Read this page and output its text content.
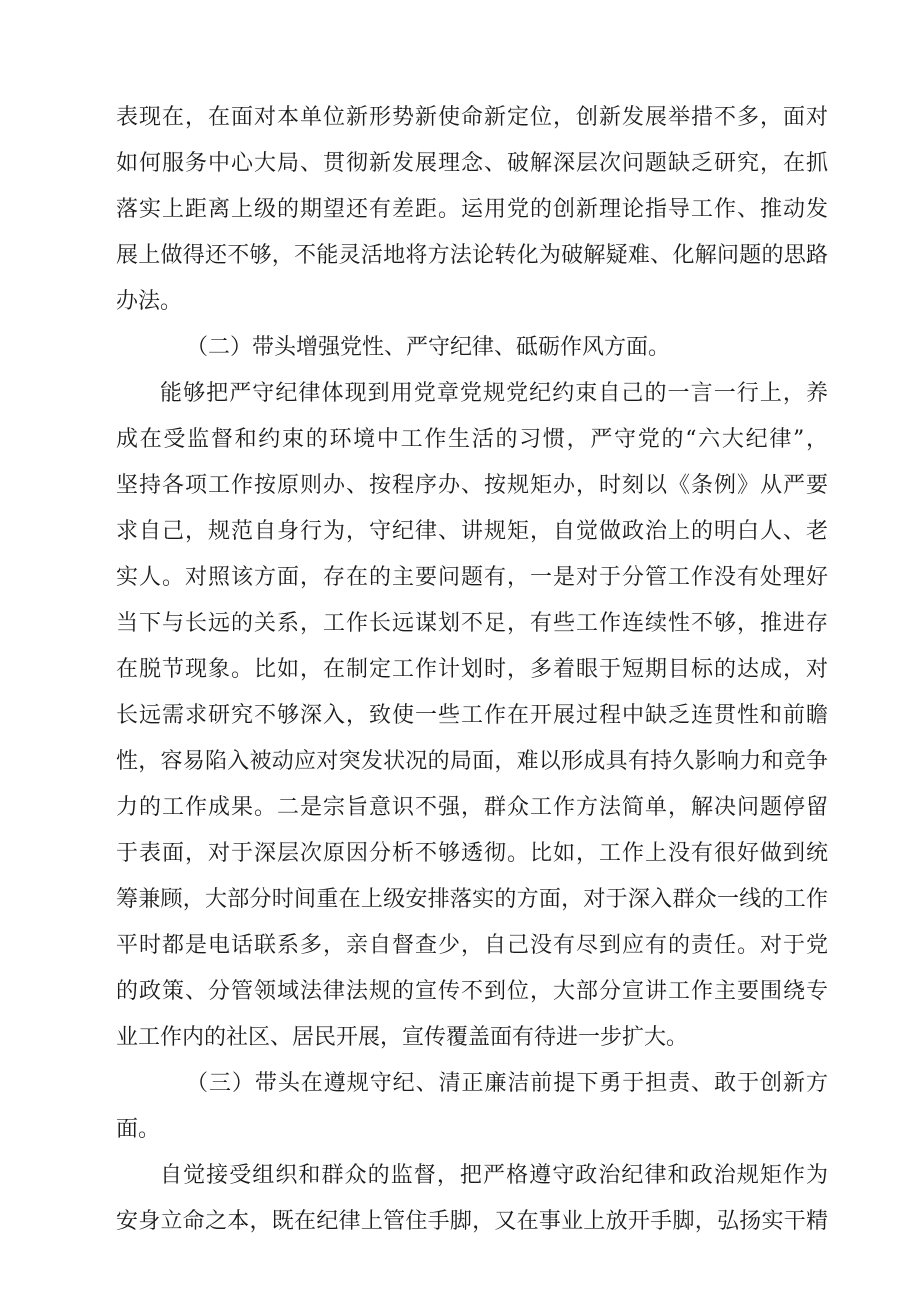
表现在，在面对本单位新形势新使命新定位，创新发展举措不多，面对
如何服务中心大局、贯彻新发展理念、破解深层次问题缺乏研究，在抓
落实上距离上级的期望还有差距。运用党的创新理论指导工作、推动发
展上做得还不够，不能灵活地将方法论转化为破解疑难、化解问题的思路
办法。
（二）带头增强党性、严守纪律、砥砺作风方面。
能够把严守纪律体现到用党章党规党纪约束自己的一言一行上，养
成在受监督和约束的环境中工作生活的习惯，严守党的“六大纪律”，
坚持各项工作按原则办、按程序办、按规矩办，时刻以《条例》从严要
求自己，规范自身行为，守纪律、讲规矩，自觉做政治上的明白人、老
实人。对照该方面，存在的主要问题有，一是对于分管工作没有处理好
当下与长远的关系，工作长远谋划不足，有些工作连续性不够，推进存
在脱节现象。比如，在制定工作计划时，多着眼于短期目标的达成，对
长远需求研究不够深入，致使一些工作在开展过程中缺乏连贯性和前瞻
性，容易陷入被动应对突发状况的局面，难以形成具有持久影响力和竞争
力的工作成果。二是宗旨意识不强，群众工作方法简单，解决问题停留
于表面，对于深层次原因分析不够透彻。比如，工作上没有很好做到统
筹兼顾，大部分时间重在上级安排落实的方面，对于深入群众一线的工作
平时都是电话联系多，亲自督查少，自己没有尽到应有的责任。对于党
的政策、分管领域法律法规的宣传不到位，大部分宣讲工作主要围绕专
业工作内的社区、居民开展，宣传覆盖面有待进一步扩大。
（三）带头在遵规守纪、清正廉洁前提下勇于担责、敢于创新方
面。
自觉接受组织和群众的监督，把严格遵守政治纪律和政治规矩作为
安身立命之本，既在纪律上管住手脚，又在事业上放开手脚，弘扬实干精
